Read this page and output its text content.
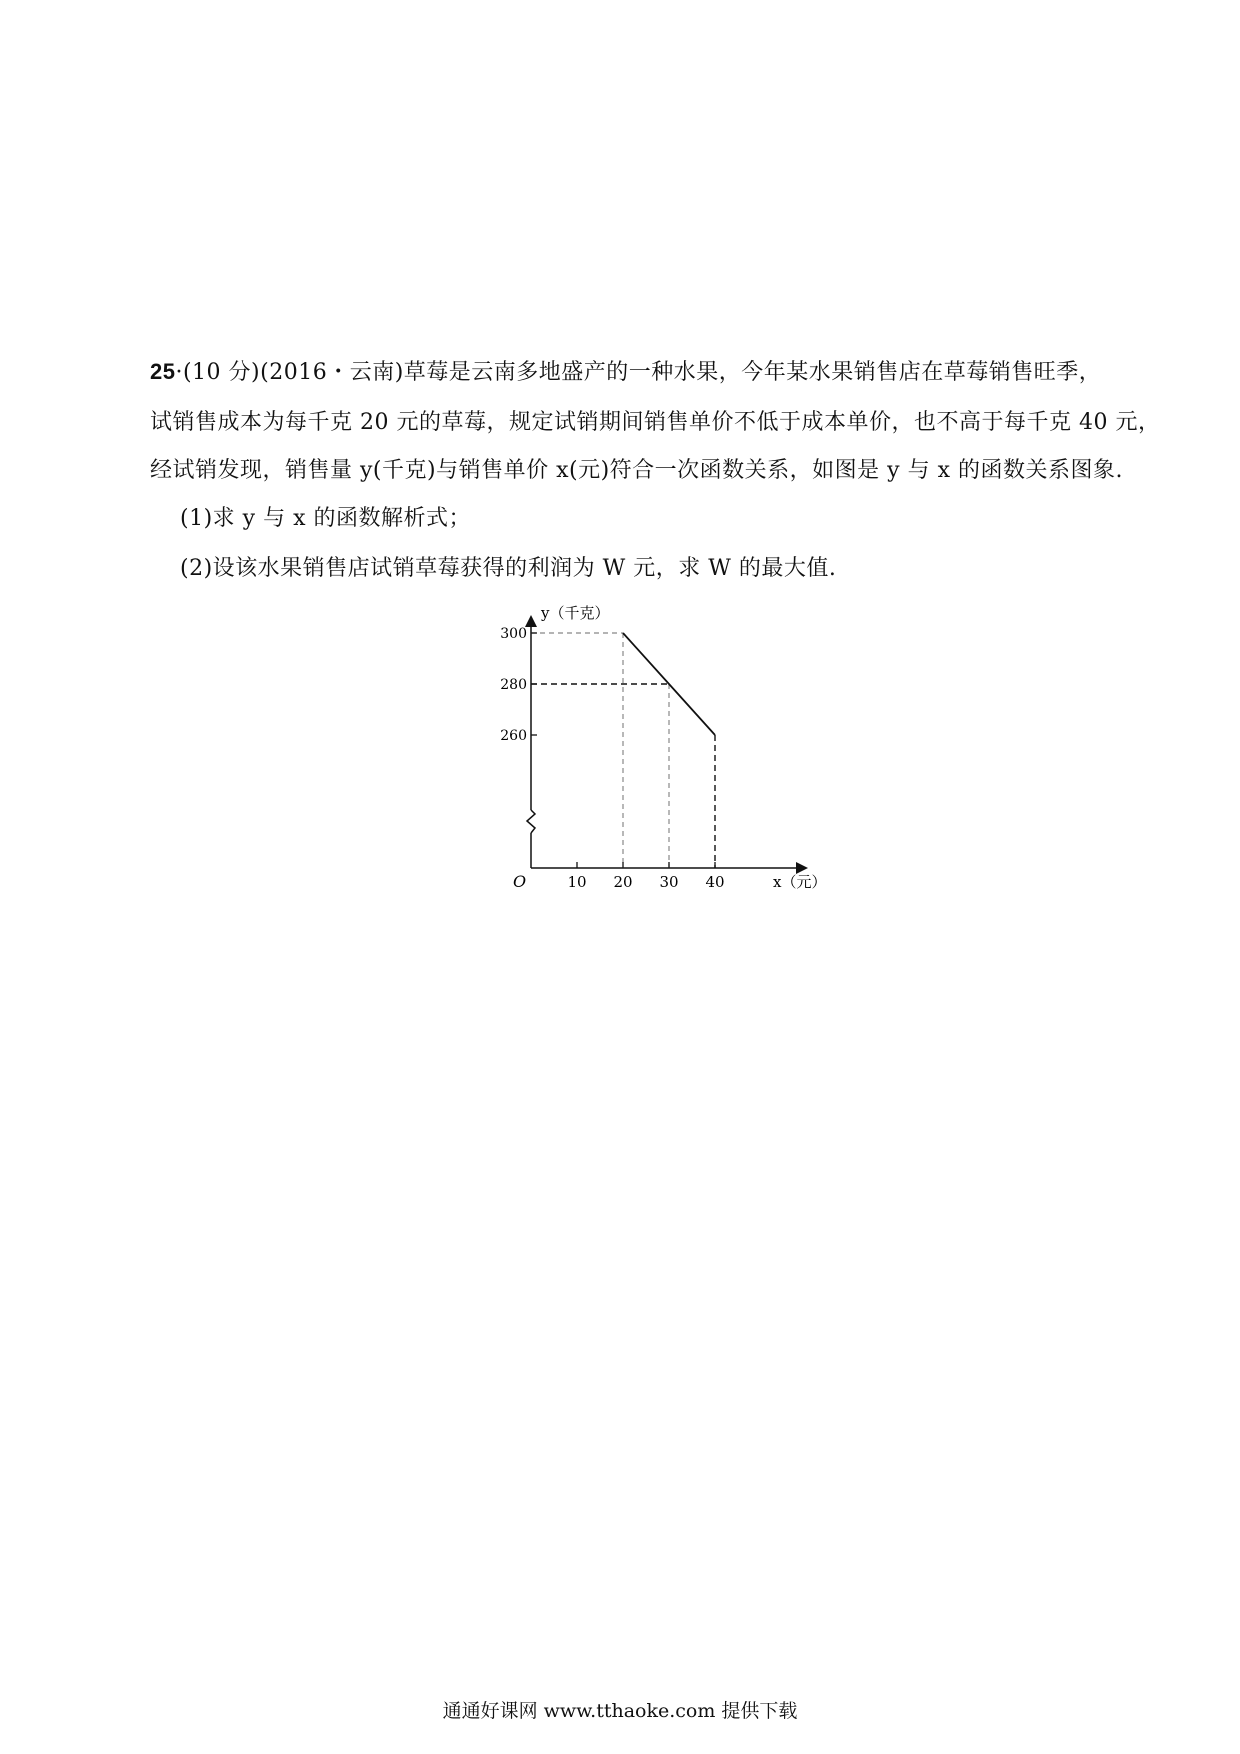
25·(10 分)(2016・云南)草莓是云南多地盛产的一种水果，今年某水果销售店在草莓销售旺季，
试销售成本为每千克 20 元的草莓，规定试销期间销售单价不低于成本单价，也不高于每千克 40 元，
经试销发现，销售量 y(千克)与销售单价 x(元)符合一次函数关系，如图是 y 与 x 的函数关系图象.
(1)求 y 与 x 的函数解析式；
(2)设该水果销售店试销草莓获得的利润为 W 元，求 W 的最大值.
260
280
300
10 20 30 40
y（千克）
x（元）
O
通通好课网 www.tthaoke.com 提供下载
